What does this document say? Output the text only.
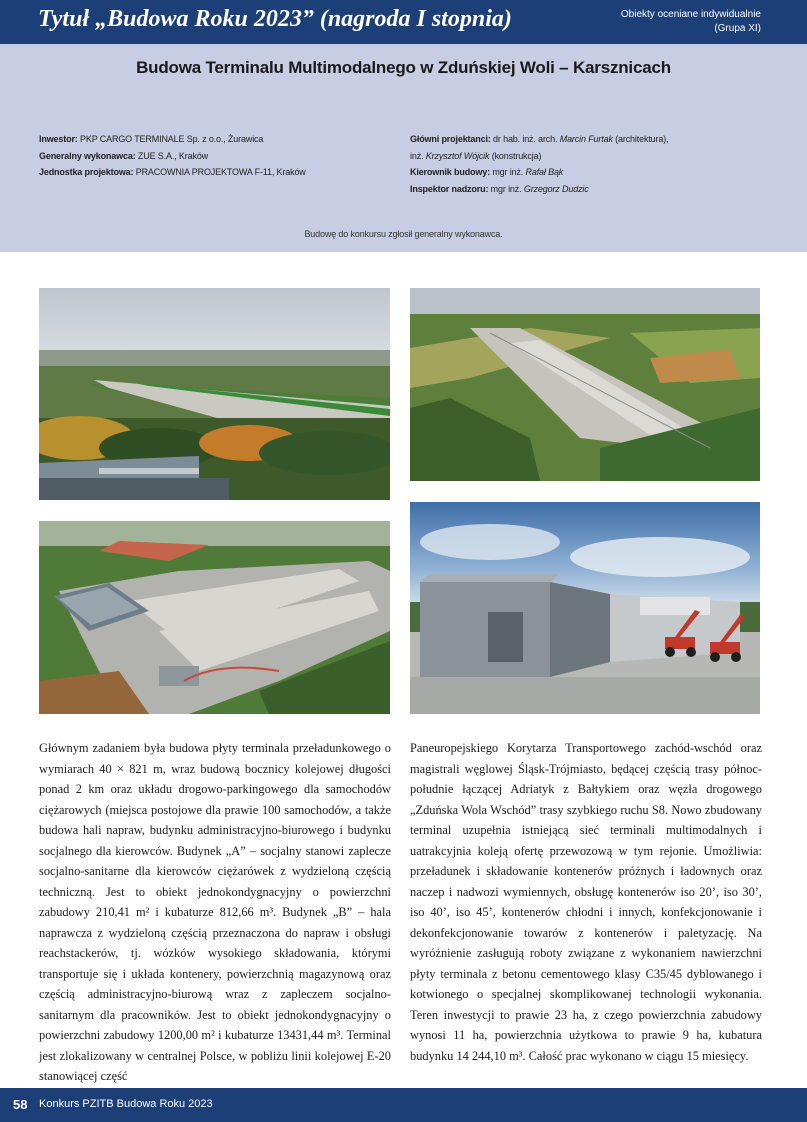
Tytuł „Budowa Roku 2023” (nagroda I stopnia)	Obiekty oceniane indywidualnie
(Grupa XI)
Budowa Terminalu Multimodalnego w Zduńskiej Woli – Karsznicach
Inwestor: PKP CARGO TERMINALE Sp. z o.o., Żurawica
Generalny wykonawca: ZUE S.A., Kraków
Jednostka projektowa: PRACOWNIA PROJEKTOWA F-11, Kraków
Główni projektanci: dr hab. inż. arch. Marcin Furtak (architektura),
inż. Krzysztof Wójcik (konstrukcja)
Kierownik budowy: mgr inż. Rafał Bąk
Inspektor nadzoru: mgr inż. Grzegorz Dudzic
Budowę do konkursu zgłosił generalny wykonawca.
Głównym zadaniem była budowa płyty terminala przeładunkowego o wymiarach 40 × 821 m, wraz budową bocznicy kolejowej długości ponad 2 km oraz układu drogowo-parkingowego dla samochodów ciężarowych (miejsca postojowe dla prawie 100 samochodów, a także budowa hali napraw, budynku administracyjno-biurowego i budynku socjalnego dla kierowców. Budynek „A” – socjalny stanowi zaplecze socjalno-sanitarne dla kierowców ciężarówek z wydzieloną częścią techniczną. Jest to obiekt jednokondygnacyjny o powierzchni zabudowy 210,41 m² i kubaturze 812,66 m³. Budynek „B” – hala naprawcza z wydzieloną częścią przeznaczona do napraw i obsługi reachstackerów, tj. wózków wysokiego składowania, którymi transportuje się i układa kontenery, powierzchnią magazynową oraz częścią administracyjno-biurową wraz z zapleczem socjalno-sanitarnym dla pracowników. Jest to obiekt jednokondygnacyjny o powierzchni zabudowy 1200,00 m² i kubaturze 13431,44 m³. Terminal jest zlokalizowany w centralnej Polsce, w pobliżu linii kolejowej E-20 stanowiącej część
Paneuropejskiego Korytarza Transportowego zachód-wschód oraz magistrali węglowej Śląsk-Trójmiasto, będącej częścią trasy północ-południe łączącej Adriatyk z Bałtykiem oraz węzła drogowego „Zduńska Wola Wschód” trasy szybkiego ruchu S8. Nowo zbudowany terminal uzupełnia istniejącą sieć terminali multimodalnych i uatrakcyjnia koleją ofertę przewozową w tym rejonie. Umożliwia: przeładunek i składowanie kontenerów próżnych i ładownych oraz naczep i nadwozi wymiennych, obsługę kontenerów iso 20’, iso 30’, iso 40’, iso 45’, kontenerów chłodni i innych, konfekcjonowanie i dekonfekcjonowanie towarów z kontenerów i paletyzację. Na wyróżnienie zasługują roboty związane z wykonaniem nawierzchni płyty terminala z betonu cementowego klasy C35/45 dyblowanego i kotwionego o specjalnej skomplikowanej technologii wykonania. Teren inwestycji to prawie 23 ha, z czego powierzchnia zabudowy wynosi 11 ha, powierzchnia użytkowa to prawie 9 ha, kubatura budynku 14 244,10 m³. Całość prac wykonano w ciągu 15 miesięcy.
58 Konkurs PZITB Budowa Roku 2023
